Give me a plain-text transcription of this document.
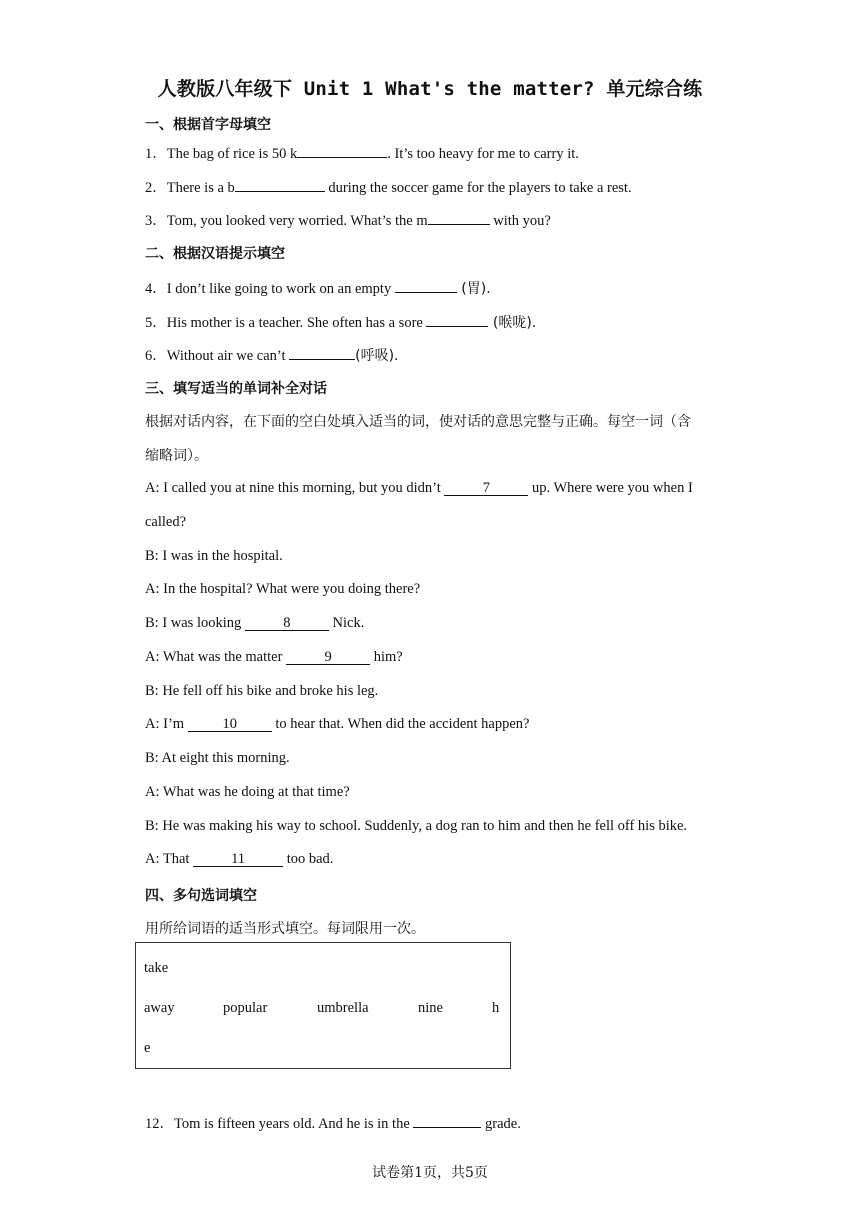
人教版八年级下 Unit 1 What's the matter? 单元综合练
一、根据首字母填空
1．The bag of rice is 50 k	. It’s too heavy for me to carry it.
2．There is a b	during the soccer game for the players to take a rest.
3．Tom, you looked very worried. What’s the m	with you?
二、根据汉语提示填空
4．I don’t like going to work on an empty	(胃).
5．His mother is a teacher. She often has a sore	(喉咙).
6．Without air we can’t	(呼吸).
三、填写适当的单词补全对话
根据对话内容，在下面的空白处填入适当的词，使对话的意思完整与正确。每空一词（含
缩略词）。
A: I called you at nine this morning, but you didn’t	7	up. Where were you when I
called?
B: I was in the hospital.
A: In the hospital? What were you doing there?
B: I was looking	8	Nick.
A: What was the matter	9	him?
B: He fell off his bike and broke his leg.
A: I’m 10 to hear that. When did the accident happen?
B: At eight this morning.
A: What was he doing at that time?
B: He was making his way to school. Suddenly, a dog ran to him and then he fell off his bike.
A: That	11	too bad.
四、多句选词填空
用所给词语的适当形式填空。每词限用一次。
take
away	popular	umbrella	nine	h
e
12．Tom is fifteen years old. And he is in the	grade.
试卷第1页，共5页
